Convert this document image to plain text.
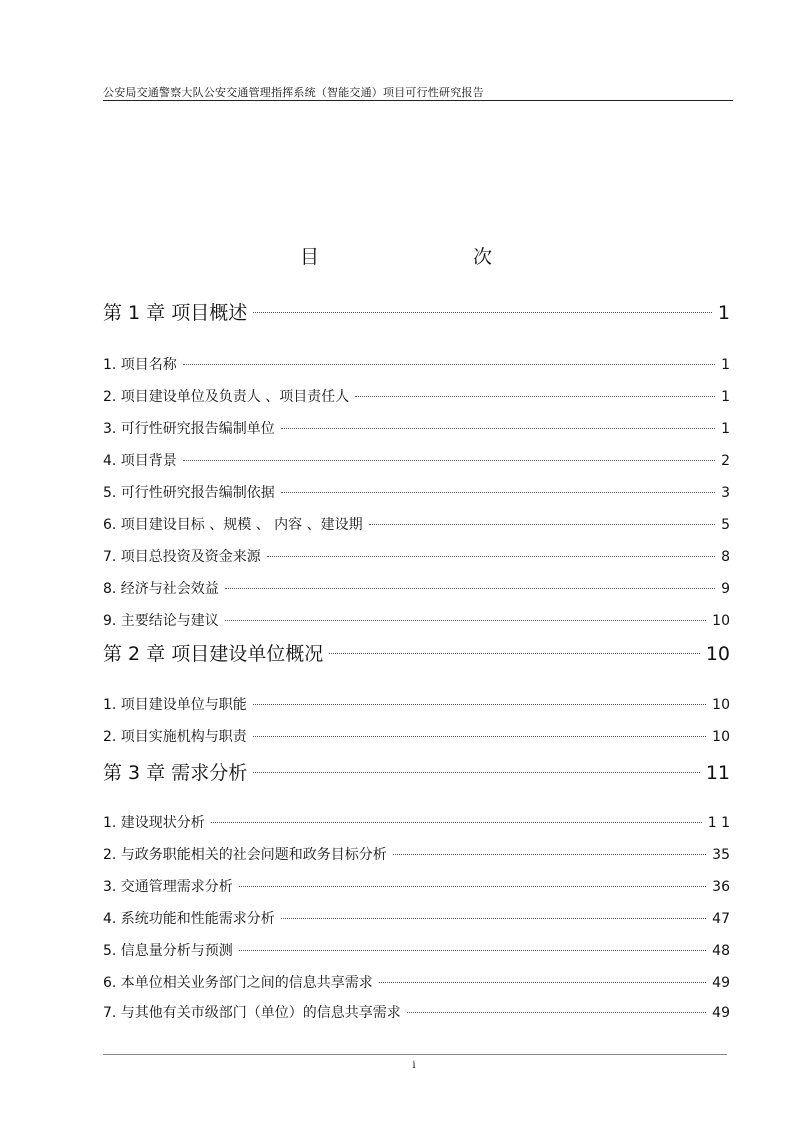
公安局交通警察大队公安交通管理指挥系统（智能交通）项目可行性研究报告
目	次
第 1 章 项目概述	1
1. 项目名称	1
2. 项目建设单位及负责人 、项目责任人	1
3. 可行性研究报告编制单位	1
4. 项目背景	2
5. 可行性研究报告编制依据	3
6. 项目建设目标 、规模 、 内容 、建设期	5
7. 项目总投资及资金来源	8
8. 经济与社会效益	9
9. 主要结论与建议	10
第 2 章 项目建设单位概况	10
1. 项目建设单位与职能	10
2. 项目实施机构与职责	10
第 3 章 需求分析	11
1. 建设现状分析	1 1
2. 与政务职能相关的社会问题和政务目标分析	35
3. 交通管理需求分析	36
4. 系统功能和性能需求分析	47
5. 信息量分析与预测	48
6. 本单位相关业务部门之间的信息共享需求	49
7. 与其他有关市级部门（单位）的信息共享需求	49
i
